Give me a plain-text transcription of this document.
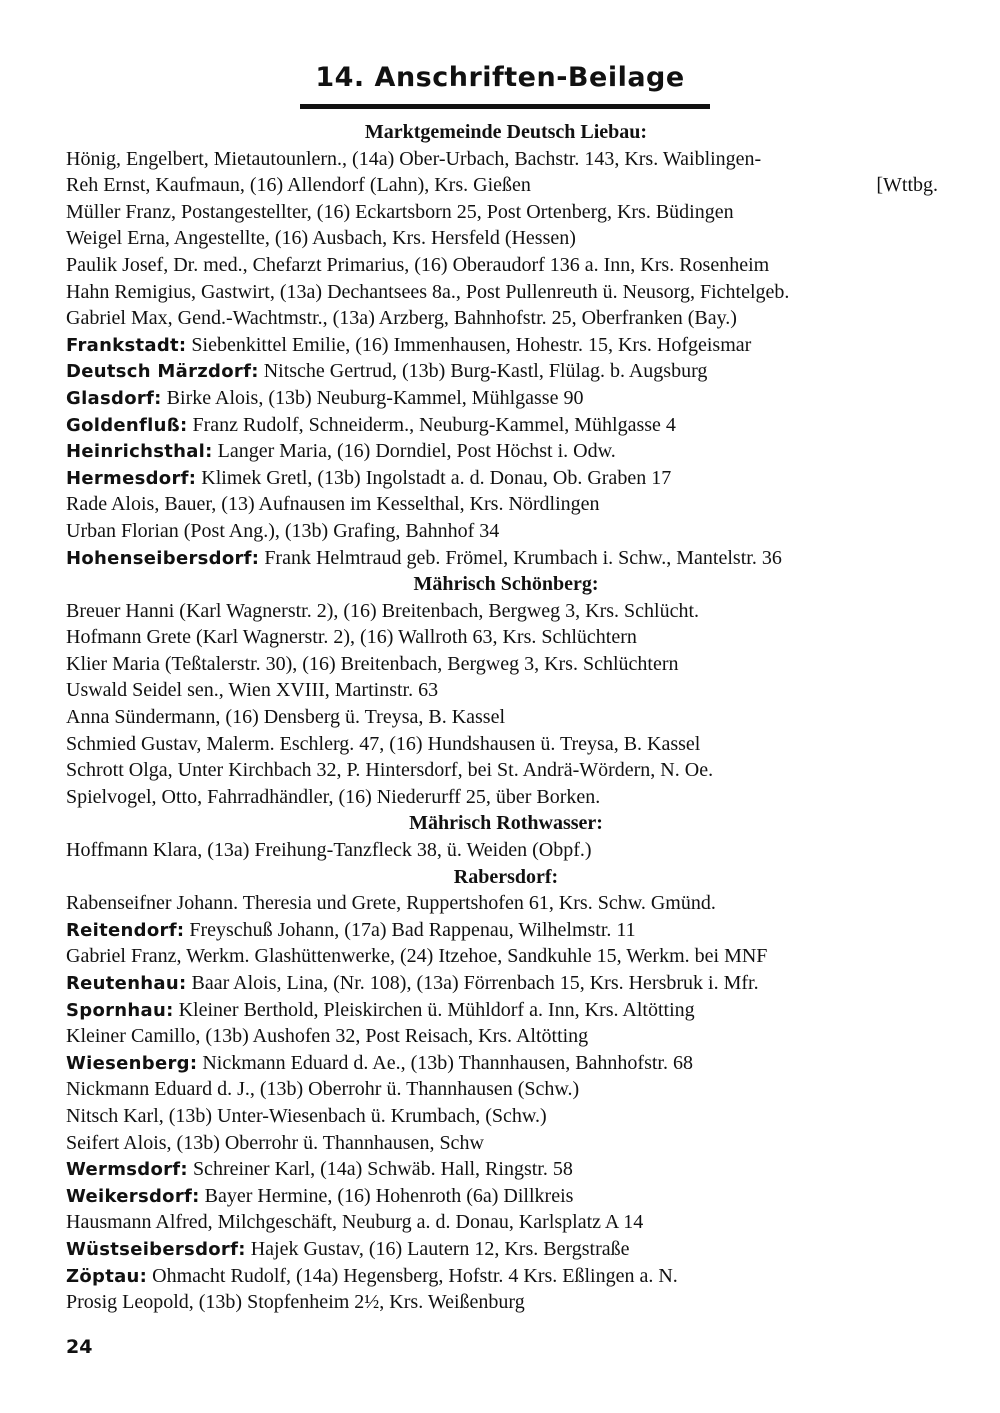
14. Anschriften-Beilage
Marktgemeinde Deutsch Liebau:
Hönig, Engelbert, Mietautounlern., (14a) Ober-Urbach, Bachstr. 143, Krs. Waiblingen-
Reh Ernst, Kaufmaun, (16) Allendorf (Lahn), Krs. Gießen	[Wttbg.
Müller Franz, Postangestellter, (16) Eckartsborn 25, Post Ortenberg, Krs. Büdingen
Weigel Erna, Angestellte, (16) Ausbach, Krs. Hersfeld (Hessen)
Paulik Josef, Dr. med., Chefarzt Primarius, (16) Oberaudorf 136 a. Inn, Krs. Rosenheim
Hahn Remigius, Gastwirt, (13a) Dechantsees 8a., Post Pullenreuth ü. Neusorg, Fichtelgeb.
Gabriel Max, Gend.-Wachtmstr., (13a) Arzberg, Bahnhofstr. 25, Oberfranken (Bay.)
Frankstadt: Siebenkittel Emilie, (16) Immenhausen, Hohestr. 15, Krs. Hofgeismar
Deutsch Märzdorf: Nitsche Gertrud, (13b) Burg-Kastl, Flülag. b. Augsburg
Glasdorf: Birke Alois, (13b) Neuburg-Kammel, Mühlgasse 90
Goldenfluß: Franz Rudolf, Schneiderm., Neuburg-Kammel, Mühlgasse 4
Heinrichsthal: Langer Maria, (16) Dorndiel, Post Höchst i. Odw.
Hermesdorf: Klimek Gretl, (13b) Ingolstadt a. d. Donau, Ob. Graben 17
Rade Alois, Bauer, (13) Aufnausen im Kesselthal, Krs. Nördlingen
Urban Florian (Post Ang.), (13b) Grafing, Bahnhof 34
Hohenseibersdorf: Frank Helmtraud geb. Frömel, Krumbach i. Schw., Mantelstr. 36
Mährisch Schönberg:
Breuer Hanni (Karl Wagnerstr. 2), (16) Breitenbach, Bergweg 3, Krs. Schlücht.
Hofmann Grete (Karl Wagnerstr. 2), (16) Wallroth 63, Krs. Schlüchtern
Klier Maria (Teßtalerstr. 30), (16) Breitenbach, Bergweg 3, Krs. Schlüchtern
Uswald Seidel sen., Wien XVIII, Martinstr. 63
Anna Sündermann, (16) Densberg ü. Treysa, B. Kassel
Schmied Gustav, Malerm. Eschlerg. 47, (16) Hundshausen ü. Treysa, B. Kassel
Schrott Olga, Unter Kirchbach 32, P. Hintersdorf, bei St. Andrä-Wördern, N. Oe.
Spielvogel, Otto, Fahrradhändler, (16) Niederurff 25, über Borken.
Mährisch Rothwasser:
Hoffmann Klara, (13a) Freihung-Tanzfleck 38, ü. Weiden (Obpf.)
Rabersdorf:
Rabenseifner Johann. Theresia und Grete, Ruppertshofen 61, Krs. Schw. Gmünd.
Reitendorf: Freyschuß Johann, (17a) Bad Rappenau, Wilhelmstr. 11
Gabriel Franz, Werkm. Glashüttenwerke, (24) Itzehoe, Sandkuhle 15, Werkm. bei MNF
Reutenhau: Baar Alois, Lina, (Nr. 108), (13a) Förrenbach 15, Krs. Hersbruk i. Mfr.
Spornhau: Kleiner Berthold, Pleiskirchen ü. Mühldorf a. Inn, Krs. Altötting
Kleiner Camillo, (13b) Aushofen 32, Post Reisach, Krs. Altötting
Wiesenberg: Nickmann Eduard d. Ae., (13b) Thannhausen, Bahnhofstr. 68
Nickmann Eduard d. J., (13b) Oberrohr ü. Thannhausen (Schw.)
Nitsch Karl, (13b) Unter-Wiesenbach ü. Krumbach, (Schw.)
Seifert Alois, (13b) Oberrohr ü. Thannhausen, Schw
Wermsdorf: Schreiner Karl, (14a) Schwäb. Hall, Ringstr. 58
Weikersdorf: Bayer Hermine, (16) Hohenroth (6a) Dillkreis
Hausmann Alfred, Milchgeschäft, Neuburg a. d. Donau, Karlsplatz A 14
Wüstseibersdorf: Hajek Gustav, (16) Lautern 12, Krs. Bergstraße
Zöptau: Ohmacht Rudolf, (14a) Hegensberg, Hofstr. 4 Krs. Eßlingen a. N.
Prosig Leopold, (13b) Stopfenheim 2½, Krs. Weißenburg
24
